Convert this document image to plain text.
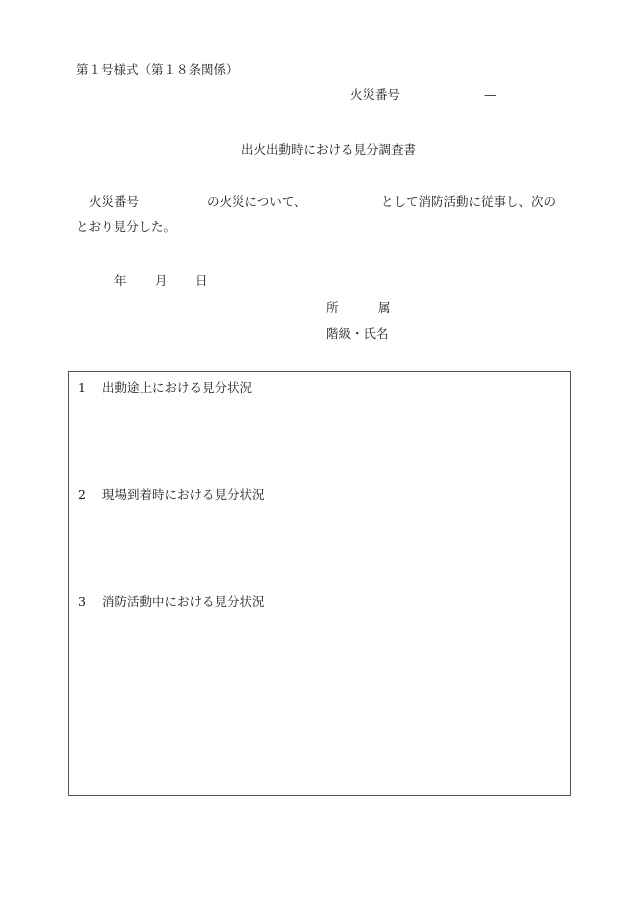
第１号様式（第１８条関係）
火災番号	—
出火出動時における見分調査書
火災番号	の火災について、	として消防活動に従事し、次の
とおり見分した。
年 月 日
所	属
階級・氏名
1 出動途上における見分状況
2 現場到着時における見分状況
3 消防活動中における見分状況
